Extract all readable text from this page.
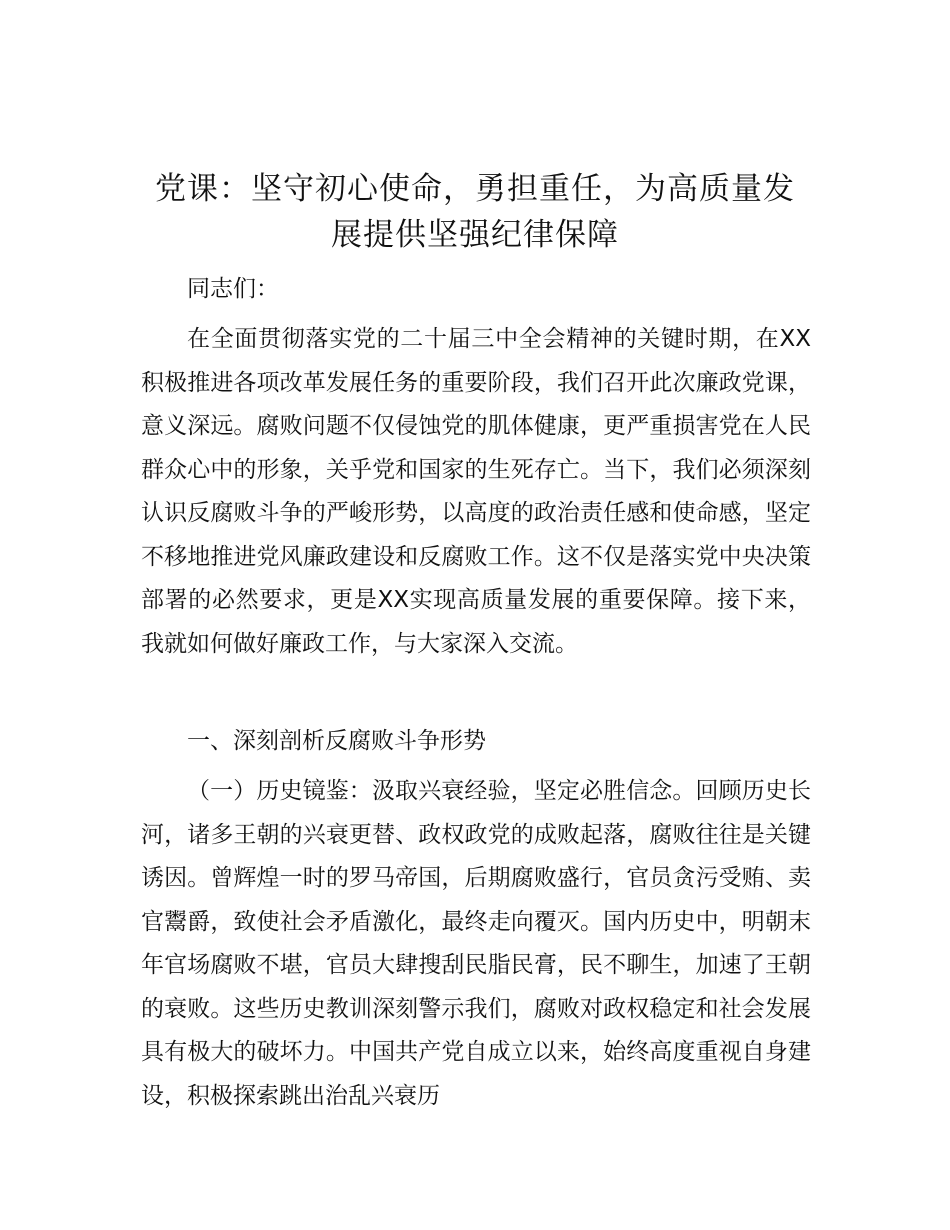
党课：坚守初心使命，勇担重任，为高质量发展提供坚强纪律保障

同志们：

在全面贯彻落实党的二十届三中全会精神的关键时期，在XX积极推进各项改革发展任务的重要阶段，我们召开此次廉政党课，意义深远。腐败问题不仅侵蚀党的肌体健康，更严重损害党在人民群众心中的形象，关乎党和国家的生死存亡。当下，我们必须深刻认识反腐败斗争的严峻形势，以高度的政治责任感和使命感，坚定不移地推进党风廉政建设和反腐败工作。这不仅是落实党中央决策部署的必然要求，更是XX实现高质量发展的重要保障。接下来，我就如何做好廉政工作，与大家深入交流。

一、深刻剖析反腐败斗争形势

（一）历史镜鉴：汲取兴衰经验，坚定必胜信念。回顾历史长河，诸多王朝的兴衰更替、政权政党的成败起落，腐败往往是关键诱因。曾辉煌一时的罗马帝国，后期腐败盛行，官员贪污受贿、卖官鬻爵，致使社会矛盾激化，最终走向覆灭。国内历史中，明朝末年官场腐败不堪，官员大肆搜刮民脂民膏，民不聊生，加速了王朝的衰败。这些历史教训深刻警示我们，腐败对政权稳定和社会发展具有极大的破坏力。中国共产党自成立以来，始终高度重视自身建设，积极探索跳出治乱兴衰历
